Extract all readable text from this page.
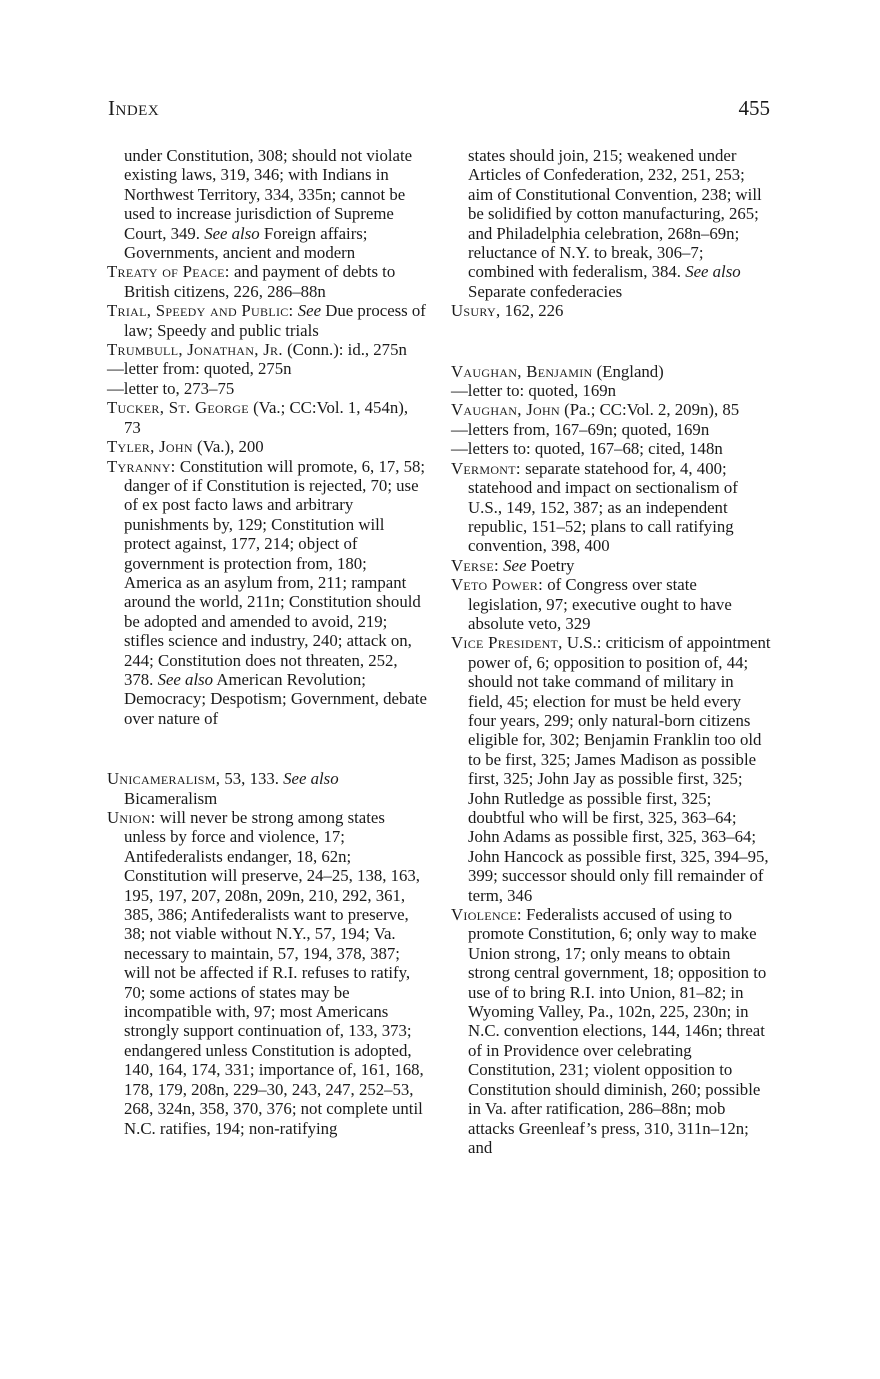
Index	455

under Constitution, 308; should not violate existing laws, 319, 346; with Indians in Northwest Territory, 334, 335n; cannot be used to increase jurisdiction of Supreme Court, 349. See also Foreign affairs; Governments, ancient and modern

Treaty of Peace: and payment of debts to British citizens, 226, 286–88n

Trial, Speedy and Public: See Due process of law; Speedy and public trials

Trumbull, Jonathan, Jr. (Conn.): id., 275n

—letter from: quoted, 275n

—letter to, 273–75

Tucker, St. George (Va.; CC:Vol. 1, 454n), 73

Tyler, John (Va.), 200

Tyranny: Constitution will promote, 6, 17, 58; danger of if Constitution is rejected, 70; use of ex post facto laws and arbitrary punishments by, 129; Constitution will protect against, 177, 214; object of government is protection from, 180; America as an asylum from, 211; rampant around the world, 211n; Constitution should be adopted and amended to avoid, 219; stifles science and industry, 240; attack on, 244; Constitution does not threaten, 252, 378. See also American Revolution; Democracy; Despotism; Government, debate over nature of

Unicameralism, 53, 133. See also Bicameralism

Union: will never be strong among states unless by force and violence, 17; Antifederalists endanger, 18, 62n; Constitution will preserve, 24–25, 138, 163, 195, 197, 207, 208n, 209n, 210, 292, 361, 385, 386; Antifederalists want to preserve, 38; not viable without N.Y., 57, 194; Va. necessary to maintain, 57, 194, 378, 387; will not be affected if R.I. refuses to ratify, 70; some actions of states may be incompatible with, 97; most Americans strongly support continuation of, 133, 373; endangered unless Constitution is adopted, 140, 164, 174, 331; importance of, 161, 168, 178, 179, 208n, 229–30, 243, 247, 252–53, 268, 324n, 358, 370, 376; not complete until N.C. ratifies, 194; non-ratifying

states should join, 215; weakened under Articles of Confederation, 232, 251, 253; aim of Constitutional Convention, 238; will be solidified by cotton manufacturing, 265; and Philadelphia celebration, 268n–69n; reluctance of N.Y. to break, 306–7; combined with federalism, 384. See also Separate confederacies

Usury, 162, 226

Vaughan, Benjamin (England)

—letter to: quoted, 169n

Vaughan, John (Pa.; CC:Vol. 2, 209n), 85

—letters from, 167–69n; quoted, 169n

—letters to: quoted, 167–68; cited, 148n

Vermont: separate statehood for, 4, 400; statehood and impact on sectionalism of U.S., 149, 152, 387; as an independent republic, 151–52; plans to call ratifying convention, 398, 400

Verse: See Poetry

Veto Power: of Congress over state legislation, 97; executive ought to have absolute veto, 329

Vice President, U.S.: criticism of appointment power of, 6; opposition to position of, 44; should not take command of military in field, 45; election for must be held every four years, 299; only natural-born citizens eligible for, 302; Benjamin Franklin too old to be first, 325; James Madison as possible first, 325; John Jay as possible first, 325; John Rutledge as possible first, 325; doubtful who will be first, 325, 363–64; John Adams as possible first, 325, 363–64; John Hancock as possible first, 325, 394–95, 399; successor should only fill remainder of term, 346

Violence: Federalists accused of using to promote Constitution, 6; only way to make Union strong, 17; only means to obtain strong central government, 18; opposition to use of to bring R.I. into Union, 81–82; in Wyoming Valley, Pa., 102n, 225, 230n; in N.C. convention elections, 144, 146n; threat of in Providence over celebrating Constitution, 231; violent opposition to Constitution should diminish, 260; possible in Va. after ratification, 286–88n; mob attacks Greenleaf’s press, 310, 311n–12n; and
